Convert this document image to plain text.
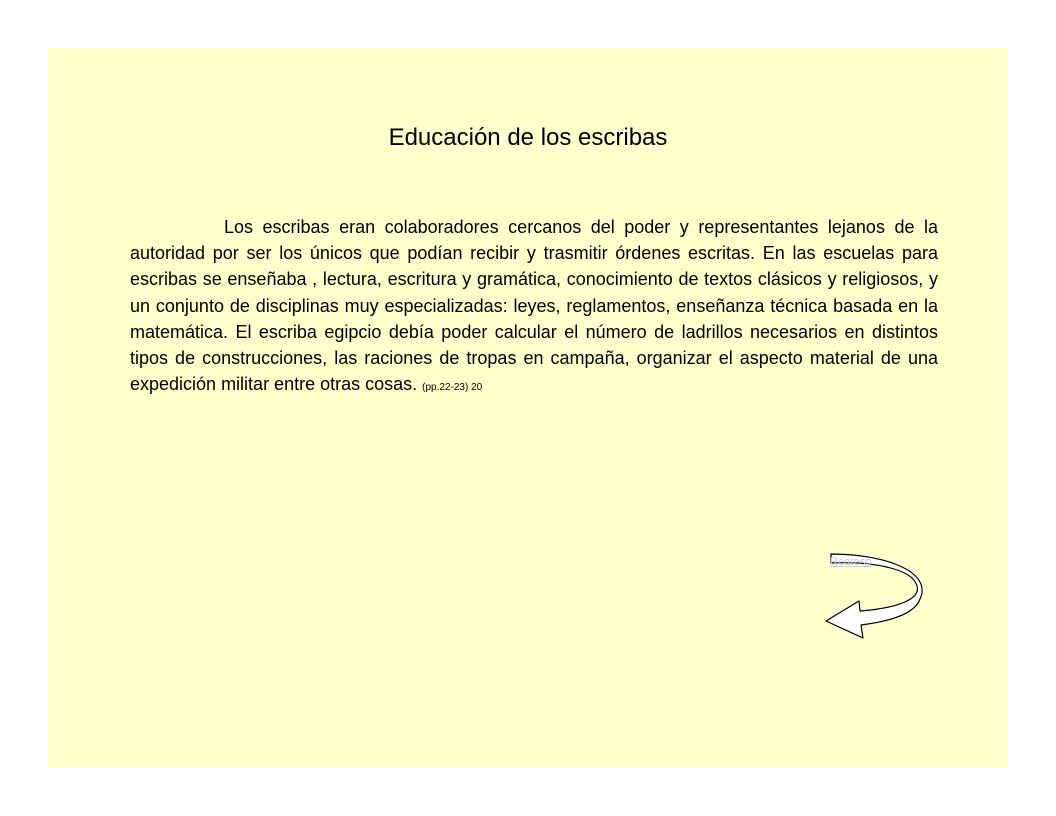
Educación de los escribas

Los escribas eran colaboradores cercanos del poder y representantes lejanos de la autoridad por ser los únicos que podían recibir y trasmitir órdenes escritas. En las escuelas para escribas se enseñaba , lectura, escritura y gramática, conocimiento de textos clásicos y religiosos, y un conjunto de disciplinas muy especializadas: leyes, reglamentos, enseñanza técnica basada en la matemática. El escriba egipcio debía poder calcular el número de ladrillos necesarios en distintos tipos de construcciones, las raciones de tropas en campaña, organizar el aspecto material de una expedición militar entre otras cosas. (pp.22-23) 20

Regreso
